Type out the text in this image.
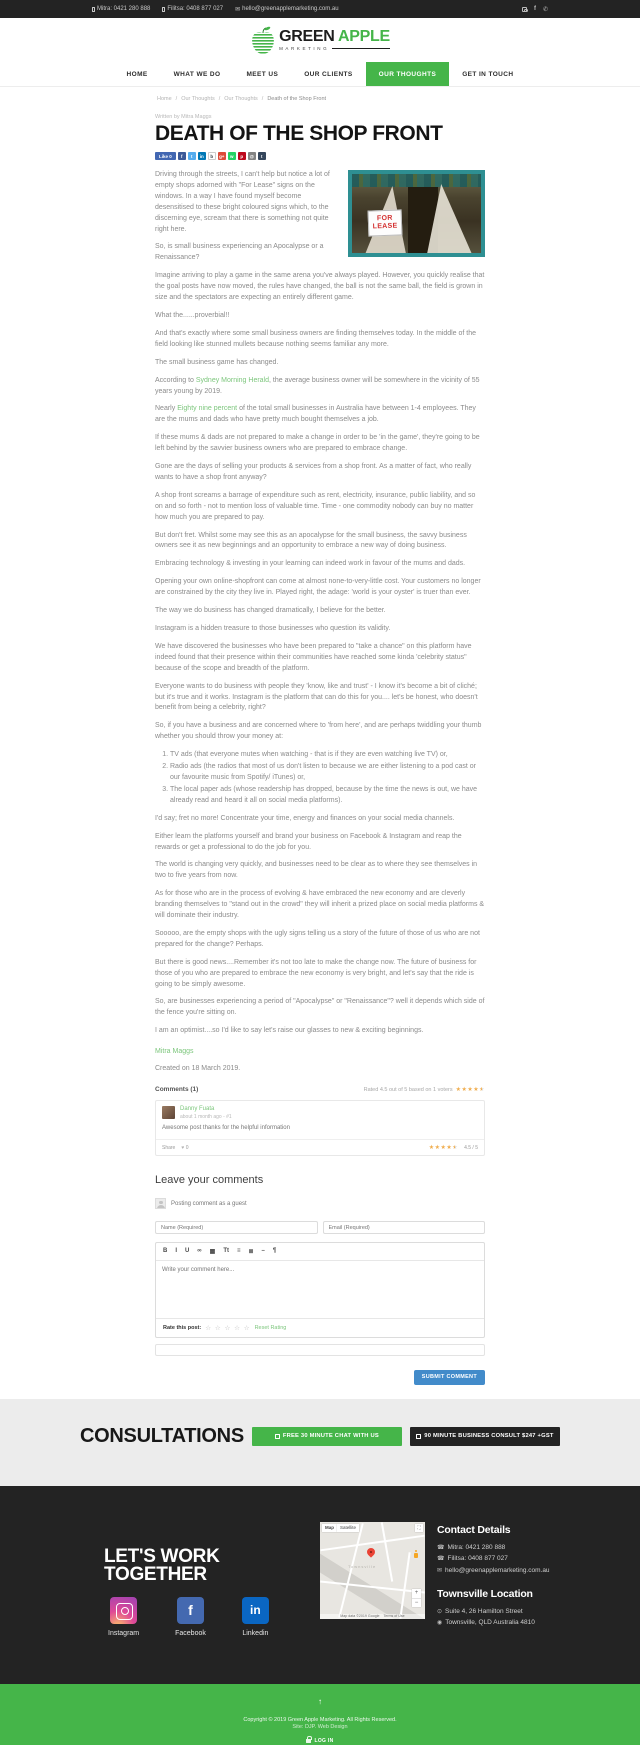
Mitra: 0421 280 888	Filitsa: 0408 877 027 ✉ hello@greenapplemarketing.com.au	f ✆
GREEN APPLE
MARKETING
HOME	WHAT WE DO	MEET US	OUR CLIENTS	OUR THOUGHTS	GET IN TOUCH
Home / Our Thoughts / Our Thoughts / Death of the Shop Front
Written by Mitra Maggs
DEATH OF THE SHOP FRONT
Like 0	f	t	in	b	g+	w	p	@	t
FOR
LEASE

Driving through the streets, I can't help but notice a lot of empty shops adorned with "For Lease" signs on the windows. In a way I have found myself become desensitised to these bright coloured signs which, to the discerning eye, scream that there is something not quite right here.

So, is small business experiencing an Apocalypse or a Renaissance?

Imagine arriving to play a game in the same arena you've always played. However, you quickly realise that the goal posts have now moved, the rules have changed, the ball is not the same ball, the field is grown in size and the spectators are expecting an entirely different game.

What the......proverbial!!

And that's exactly where some small business owners are finding themselves today. In the middle of the field looking like stunned mullets because nothing seems familiar any more.

The small business game has changed.

According to Sydney Morning Herald, the average business owner will be somewhere in the vicinity of 55 years young by 2019.

Nearly Eighty nine percent of the total small businesses in Australia have between 1-4 employees. They are the mums and dads who have pretty much bought themselves a job.

If these mums & dads are not prepared to make a change in order to be 'in the game', they're going to be left behind by the savvier business owners who are prepared to embrace change.

Gone are the days of selling your products & services from a shop front. As a matter of fact, who really wants to have a shop front anyway?

A shop front screams a barrage of expenditure such as rent, electricity, insurance, public liability, and so on and so forth - not to mention loss of valuable time. Time - one commodity nobody can buy no matter how much you are prepared to pay.

But don't fret. Whilst some may see this as an apocalypse for the small business, the savvy business owners see it as new beginnings and an opportunity to embrace a new way of doing business.

Embracing technology & investing in your learning can indeed work in favour of the mums and dads.

Opening your own online-shopfront can come at almost none-to-very-little cost. Your customers no longer are constrained by the city they live in. Played right, the adage: 'world is your oyster' is truer than ever.

The way we do business has changed dramatically, I believe for the better.

Instagram is a hidden treasure to those businesses who question its validity.

We have discovered the businesses who have been prepared to "take a chance" on this platform have indeed found that their presence within their communities have reached some kinda 'celebrity status" because of the scope and breadth of the platform.

Everyone wants to do business with people they 'know, like and trust' - I know it's become a bit of cliché; but it's true and it works. Instagram is the platform that can do this for you.... let's be honest, who doesn't benefit from being a celebrity, right?

So, if you have a business and are concerned where to 'from here', and are perhaps twiddling your thumb whether you should throw your money at:

1. TV ads (that everyone mutes when watching - that is if they are even watching live TV) or,
2. Radio ads (the radios that most of us don't listen to because we are either listening to a pod cast or our favourite music from Spotify/ iTunes) or,
3. The local paper ads (whose readership has dropped, because by the time the news is out, we have already read and heard it all on social media platforms).

I'd say; fret no more! Concentrate your time, energy and finances on your social media channels.

Either learn the platforms yourself and brand your business on Facebook & Instagram and reap the rewards or get a professional to do the job for you.

The world is changing very quickly, and businesses need to be clear as to where they see themselves in two to five years from now.

As for those who are in the process of evolving & have embraced the new economy and are cleverly branding themselves to "stand out in the crowd" they will inherit a prized place on social media platforms & will dominate their industry.

Sooooo, are the empty shops with the ugly signs telling us a story of the future of those of us who are not prepared for the change? Perhaps.

But there is good news....Remember it's not too late to make the change now. The future of business for those of you who are prepared to embrace the new economy is very bright, and let's say that the ride is going to be simply awesome.

So, are businesses experiencing a period of "Apocalypse" or "Renaissance"? well it depends which side of the fence you're sitting on.

I am an optimist....so I'd like to say let's raise our glasses to new & exciting beginnings.

Mitra Maggs
Created on 18 March 2019.
Comments (1)	Rated 4.5 out of 5 based on 1 voters ★★★★★
Danny Fuata
about 1 month ago - #1
Awesome post thanks for the helpful information
Share ♥ 0	★★★★★ 4.5 / 5
Leave your comments
Posting comment as a guest
Name (Required)
Email (Required)
B I U ∞ ▦ Tt ≡ ≣ – ¶
Write your comment here...
Rate this post: ☆ ☆ ☆ ☆ ☆ Reset Rating
SUBMIT COMMENT
CONSULTATIONS	FREE 30 MINUTE CHAT WITH US	90 MINUTE BUSINESS CONSULT $247 +GST
LET'S WORK
TOGETHER
Instagram
f
Facebook
in
Linkedin
Townsville
Map	Satellite	⛶
+
−
Map data ©2019 Google Terms of Use
Contact Details
☎ Mitra: 0421 280 888
☎ Filitsa: 0408 877 027
✉ hello@greenapplemarketing.com.au
Townsville Location
⊙ Suite 4, 26 Hamilton Street
◉ Townsville, QLD Australia 4810
↑
Copyright © 2019 Green Apple Marketing. All Rights Reserved.
Site: DJP. Web Design
LOG IN
